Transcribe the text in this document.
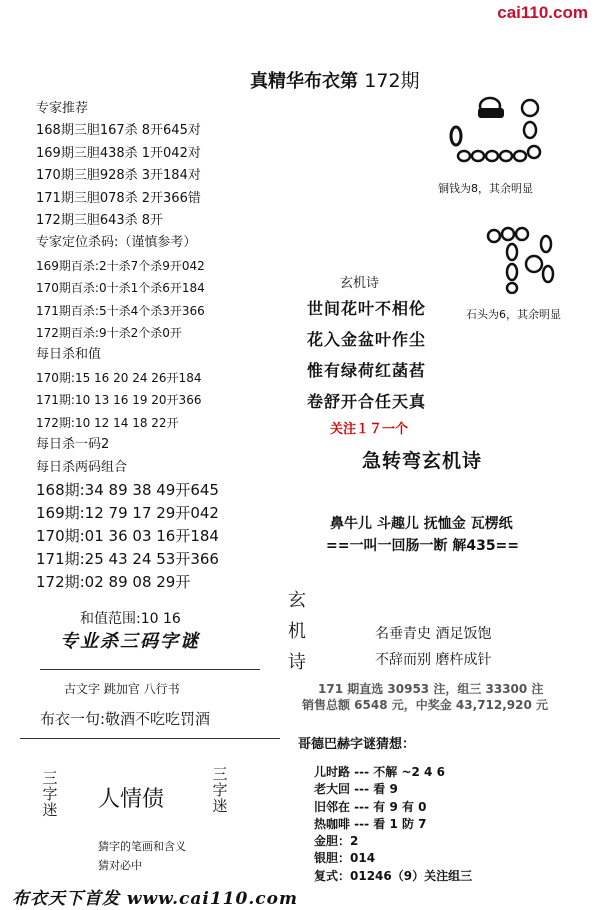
cai110.com
真精华布衣第 172期
专家推荐
168期三胆167杀 8开645对
169期三胆438杀 1开042对
170期三胆928杀 3开184对
171期三胆078杀 2开366错
172期三胆643杀 8开
专家定位杀码:（谨慎参考）
169期百杀:2十杀7个杀9开042
170期百杀:0十杀1个杀6开184
171期百杀:5十杀4个杀3开366
172期百杀:9十杀2个杀0开
每日杀和值
170期:15 16 20 24 26开184
171期:10 13 16 19 20开366
172期:10 12 14 18 22开
每日杀一码2
每日杀两码组合
168期:34 89 38 49开645
169期:12 79 17 29开042
170期:01 36 03 16开184
171期:25 43 24 53开366
172期:02 89 08 29开
和值范围:10 16
专业杀三码字谜
古文字 跳加官 八行书
布衣一句:敬酒不吃吃罚酒
三字迷 人情债
三字迷
猜字的笔画和含义
猜对必中
布衣天下首发 www.cai110.com
铜钱为8，其余明显
石头为6，其余明显
玄机诗
世间花叶不相伦
花入金盆叶作尘
惟有绿荷红菡萏
卷舒开合任天真
关注１７一个
急转弯玄机诗
鼻牛儿 斗趣儿 抚恤金 瓦楞纸
==一叫一回肠一断 解435==
玄机诗
名垂青史 酒足饭饱
不辞而别 磨杵成针
171 期直选 30953 注，组三 33300 注
销售总额 6548 元，中奖金 43,712,920 元
哥德巴赫字谜猜想：
儿时路 --- 不解 ~2 4 6
老大回 --- 看 9
旧邻在 --- 有 9 有 0
热咖啡 --- 看 1 防 7
金胆：2
银胆：014
复式：01246（9）关注组三
